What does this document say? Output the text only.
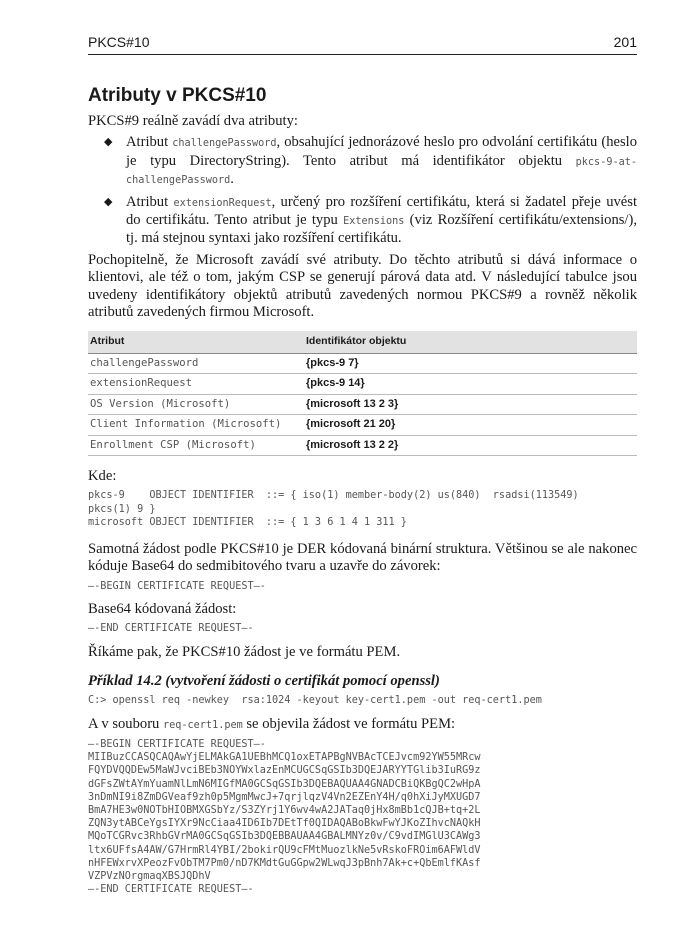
PKCS#10	201
Atributy v PKCS#10

PKCS#9 reálně zavádí dva atributy:

◆ Atribut challengePassword, obsahující jednorázové heslo pro odvolání certifikátu (heslo je typu DirectoryString). Tento atribut má identifikátor objektu pkcs-9-at-challengePassword.
◆ Atribut extensionRequest, určený pro rozšíření certifikátu, která si žadatel přeje uvést do certifikátu. Tento atribut je typu Extensions (viz Rozšíření certifikátu/extensions/), tj. má stejnou syntaxi jako rozšíření certifikátu.

Pochopitelně, že Microsoft zavádí své atributy. Do těchto atributů si dává informace o klientovi, ale též o tom, jakým CSP se generují párová data atd. V následující tabulce jsou uvedeny identifikátory objektů atributů zavedených normou PKCS#9 a rovněž několik atributů zavedených firmou Microsoft.

Atribut	Identifikátor objektu
challengePassword	{pkcs-9 7}
extensionRequest	{pkcs-9 14}
OS Version (Microsoft)	{microsoft 13 2 3}
Client Information (Microsoft)	{microsoft 21 20}
Enrollment CSP (Microsoft)	{microsoft 13 2 2}

Kde:

pkcs-9    OBJECT IDENTIFIER  ::= { iso(1) member-body(2) us(840)  rsadsi(113549)
pkcs(1) 9 }
microsoft OBJECT IDENTIFIER  ::= { 1 3 6 1 4 1 311 }

Samotná žádost podle PKCS#10 je DER kódovaná binární struktura. Většinou se ale nakonec kóduje Base64 do sedmibitového tvaru a uzavře do závorek:

—-BEGIN CERTIFICATE REQUEST—-

Base64 kódovaná žádost:

—-END CERTIFICATE REQUEST—-

Říkáme pak, že PKCS#10 žádost je ve formátu PEM.

Příklad 14.2 (vytvoření žádosti o certifikát pomocí openssl)

C:> openssl req -newkey  rsa:1024 -keyout key-cert1.pem -out req-cert1.pem

A v souboru req-cert1.pem se objevila žádost ve formátu PEM:

—-BEGIN CERTIFICATE REQUEST—-
MIIBuzCCASQCAQAwYjELMAkGA1UEBhMCQ1oxETAPBgNVBAcTCEJvcm92YW55MRcw
FQYDVQQDEw5MaWJvciBEb3NOYWxlazEnMCUGCSqGSIb3DQEJARYYTGlib3IuRG9z
dGFsZWtAYmYuamNlLmN6MIGfMA0GCSqGSIb3DQEBAQUAA4GNADCBiQKBgQC2wHpA
3nDmNI9i8ZmDGVeaf9zh0p5MgmMwcJ+7qrjlqzV4Vn2EZEnY4H/q0hXiJyMXUGD7
BmA7HE3w0NOTbHIOBMXGSbYz/S3ZYrj1Y6wv4wA2JATaq0jHx8mBb1cQJB+tq+2L
ZQN3ytABCeYgsIYXr9NcCiaa4ID6Ib7DEtTf0QIDAQABoBkwFwYJKoZIhvcNAQkH
MQoTCGRvc3RhbGVrMA0GCSqGSIb3DQEBBAUAA4GBALMNYz0v/C9vdIMGlU3CAWg3
ltx6UFfsA4AW/G7HrmRl4YBI/2bokirQU9cFMtMuozlkNe5vRskoFROim6AFWldV
nHFEWxrvXPeozFvObTM7Pm0/nD7KMdtGuGGpw2WLwqJ3pBnh7Ak+c+QbEmlfKAsf
VZPVzNOrgmaqXBSJQDhV
—-END CERTIFICATE REQUEST—-
